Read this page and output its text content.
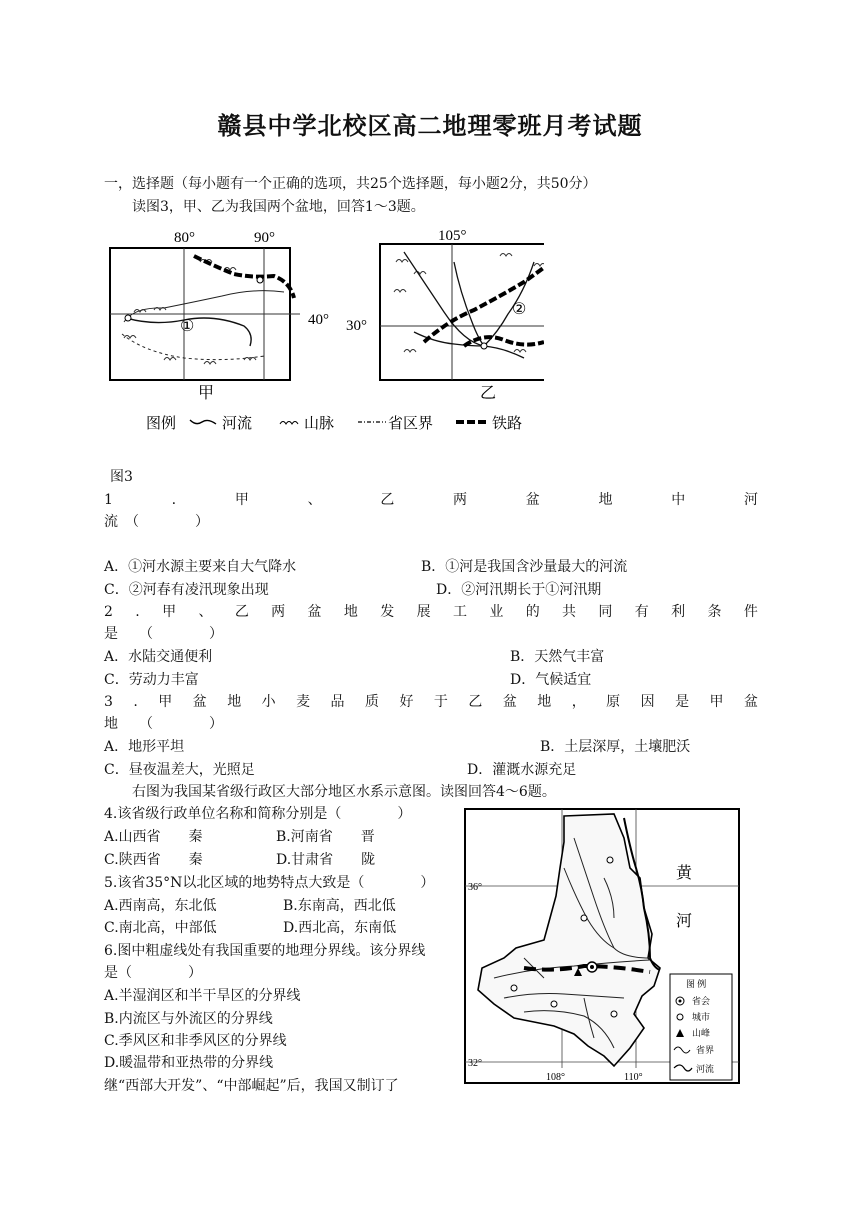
赣县中学北校区高二地理零班月考试题
一，选择题（每小题有一个正确的选项，共25个选择题，每小题2分，共50分）
读图3，甲、乙为我国两个盆地，回答1～3题。
80°	90°
40°
①
甲
105°
30°
②
乙
图例	河流	山脉	省区界	铁路
图3
1	.	甲	、	乙	两	盆	地	中	河
流　（　　　　）
A．①河水源主要来自大气降水	B．①河是我国含沙量最大的河流
C．②河春有凌汛现象出现	D．②河汛期长于①河汛期
2 . 甲 、 乙 两 盆 地 发 展 工 业 的 共 同 有 利 条 件
是　　（　　　　）
A．水陆交通便利	B．天然气丰富
C．劳动力丰富	D．气候适宜
3 . 甲 盆 地 小 麦 品 质 好 于 乙 盆 地 ， 原 因 是 甲 盆
地　　（　　　　）
A．地形平坦	B．土层深厚，土壤肥沃
C．昼夜温差大，光照足	D．灌溉水源充足
右图为我国某省级行政区大部分地区水系示意图。读图回答4～6题。
4.该省级行政单位名称和简称分别是（　　　　）
A.山西省　　秦	B.河南省　　晋
C.陕西省　　秦	D.甘肃省　　陇
5.该省35°N以北区域的地势特点大致是（　　　　）
A.西南高，东北低	B.东南高，西北低
C.南北高，中部低	D.西北高，东南低
6.图中粗虚线处有我国重要的地理分界线。该分界线
是（　　　　）
A.半湿润区和半干旱区的分界线
B.内流区与外流区的分界线
C.季风区和非季风区的分界线
D.暖温带和亚热带的分界线
继“西部大开发”、“中部崛起”后，我国又制订了
36°
32°
108°	110°
黄
河
图 例
省会
城市
山峰
省界
河流
